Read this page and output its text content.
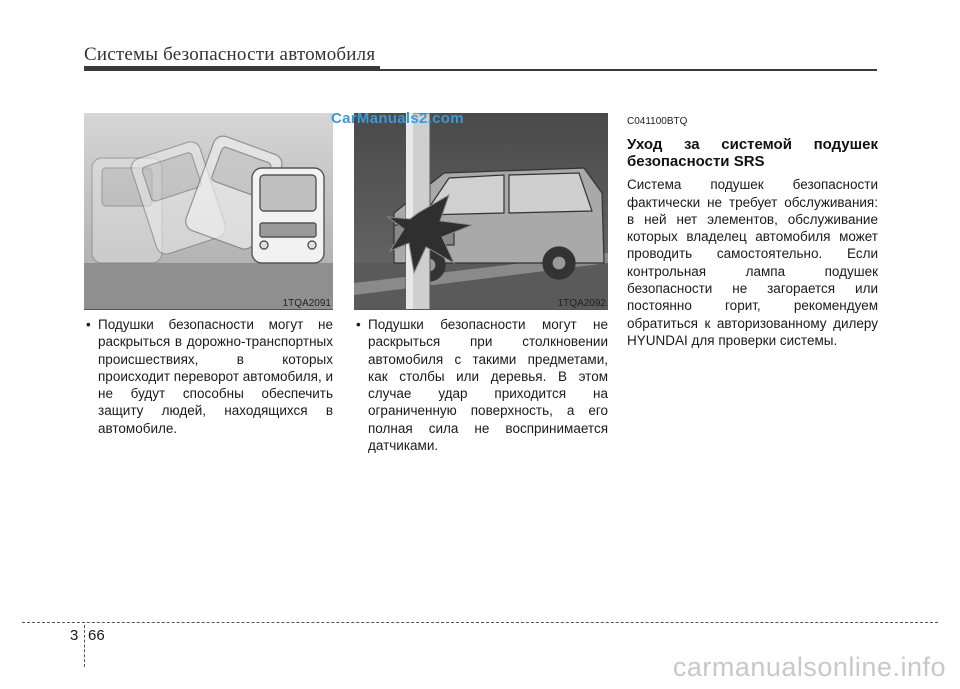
Системы безопасности автомобиля
1TQA2091	1TQA2092
CarManuals2.com
• Подушки безопасности могут не раскрыться в дорожно-транспортных происшествиях, в которых происходит переворот автомобиля, и не будут способны обеспечить защиту людей, находящихся в автомобиле.
• Подушки безопасности могут не раскрыться при столкновении автомобиля с такими предметами, как столбы или деревья. В этом случае удар приходится на ограниченную поверхность, а его полная сила не воспринимается датчиками.
C041100BTQ
Уход за системой подушек безопасности SRS
Система подушек безопасности фактически не требует обслуживания: в ней нет элементов, обслуживание которых владелец автомобиля может проводить самостоятельно. Если контрольная лампа подушек безопасности не загорается или постоянно горит, рекомендуем обратиться к авторизованному дилеру HYUNDAI для проверки системы.
3 66
carmanualsonline.info
